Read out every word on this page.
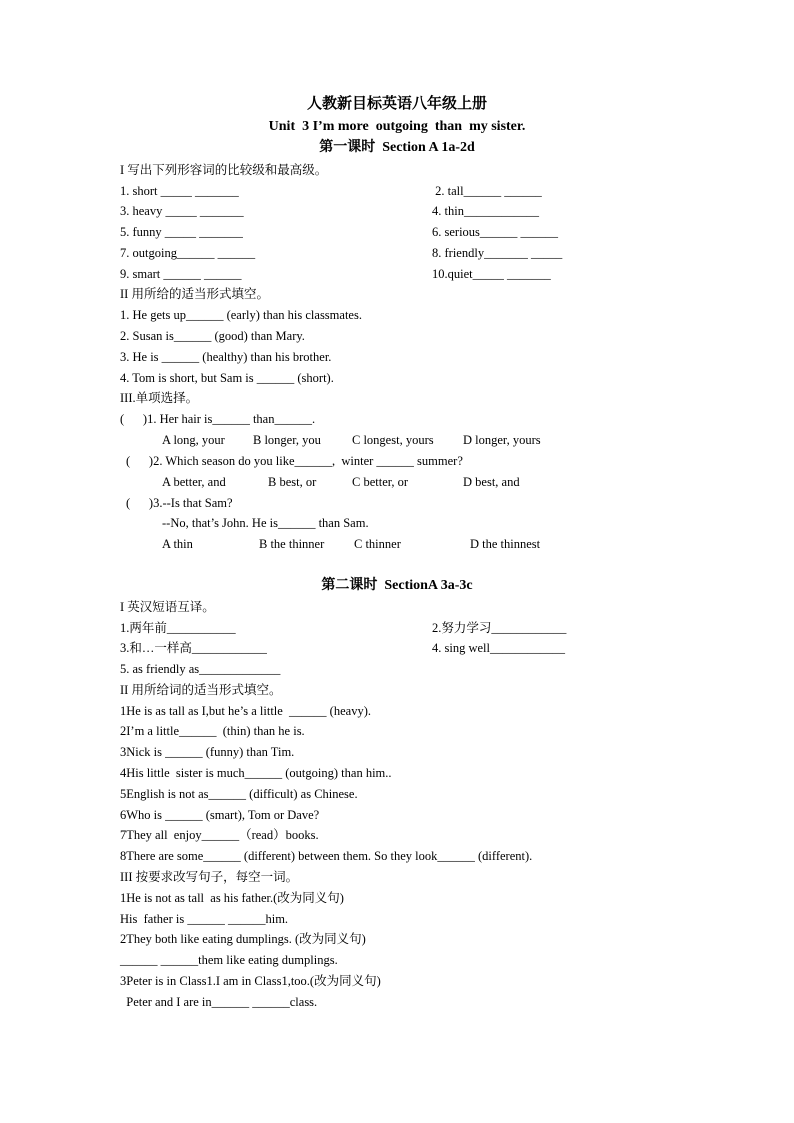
人教新目标英语八年级上册
Unit  3 I’m more  outgoing  than  my sister.
第一课时  Section A 1a-2d
I 写出下列形容词的比较级和最高级。
1. short _____ _______	2. tall______ ______
3. heavy _____ _______	4. thin____________
5. funny _____ _______	6. serious______ ______
7. outgoing______ ______	8. friendly_______ _____
9. smart ______ ______	10.quiet_____ _______
II 用所给的适当形式填空。
1. He gets up______ (early) than his classmates.
2. Susan is______ (good) than Mary.
3. He is ______ (healthy) than his brother.
4. Tom is short, but Sam is ______ (short).
III.单项选择。
(      )1. Her hair is______ than______.
A long, your B longer, you C longest, yours D longer, yours
(      )2. Which season do you like______,  winter ______ summer?
A better, and	B best, or	C better, or	D best, and
(      )3.--Is that Sam?
--No, that’s John. He is______ than Sam.
A thin	B the thinner C thinner	D the thinnest
第二课时  SectionA 3a-3c
I 英汉短语互译。
1.两年前___________	2.努力学习____________
3.和…一样高____________	4. sing well____________
5. as friendly as_____________
II 用所给词的适当形式填空。
1He is as tall as I,but he’s a little  ______ (heavy).
2I’m a little______  (thin) than he is.
3Nick is ______ (funny) than Tim.
4His little  sister is much______ (outgoing) than him..
5English is not as______ (difficult) as Chinese.
6Who is ______ (smart), Tom or Dave?
7They all  enjoy______（read）books.
8There are some______ (different) between them. So they look______ (different).
III 按要求改写句子，每空一词。
1He is not as tall  as his father.(改为同义句)
His  father is ______ ______him.
2They both like eating dumplings. (改为同义句)
______ ______them like eating dumplings.
3Peter is in Class1.I am in Class1,too.(改为同义句)
Peter and I are in______ ______class.
